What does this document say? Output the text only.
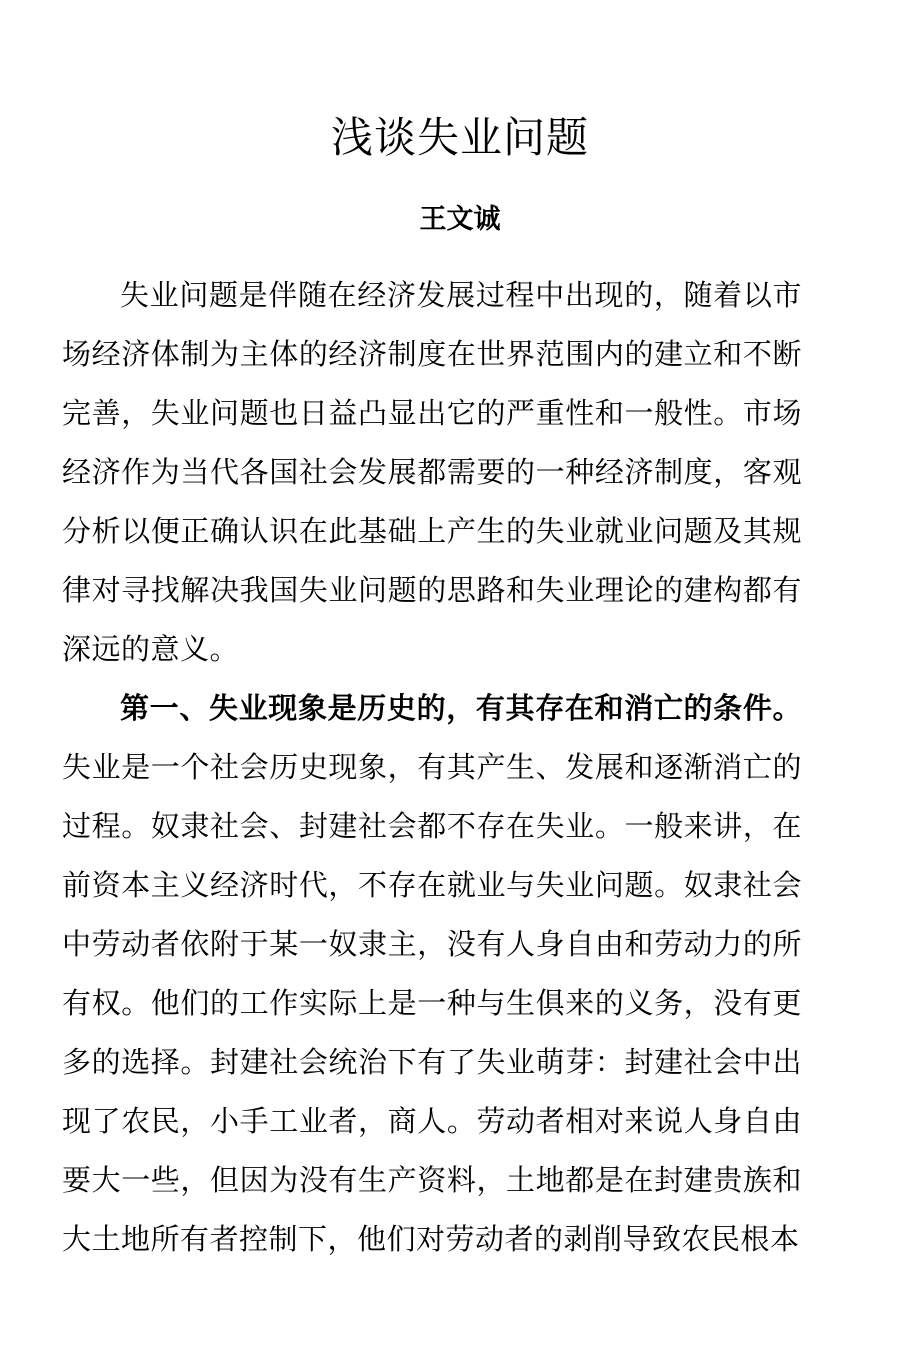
浅谈失业问题
王文诚

失业问题是伴随在经济发展过程中出现的，随着以市场经济体制为主体的经济制度在世界范围内的建立和不断完善，失业问题也日益凸显出它的严重性和一般性。市场经济作为当代各国社会发展都需要的一种经济制度，客观分析以便正确认识在此基础上产生的失业就业问题及其规律对寻找解决我国失业问题的思路和失业理论的建构都有深远的意义。

第一、失业现象是历史的，有其存在和消亡的条件。失业是一个社会历史现象，有其产生、发展和逐渐消亡的过程。奴隶社会、封建社会都不存在失业。一般来讲，在前资本主义经济时代，不存在就业与失业问题。奴隶社会中劳动者依附于某一奴隶主，没有人身自由和劳动力的所有权。他们的工作实际上是一种与生俱来的义务，没有更多的选择。封建社会统治下有了失业萌芽：封建社会中出现了农民，小手工业者，商人。劳动者相对来说人身自由要大一些，但因为没有生产资料，土地都是在封建贵族和大土地所有者控制下，他们对劳动者的剥削导致农民根本
